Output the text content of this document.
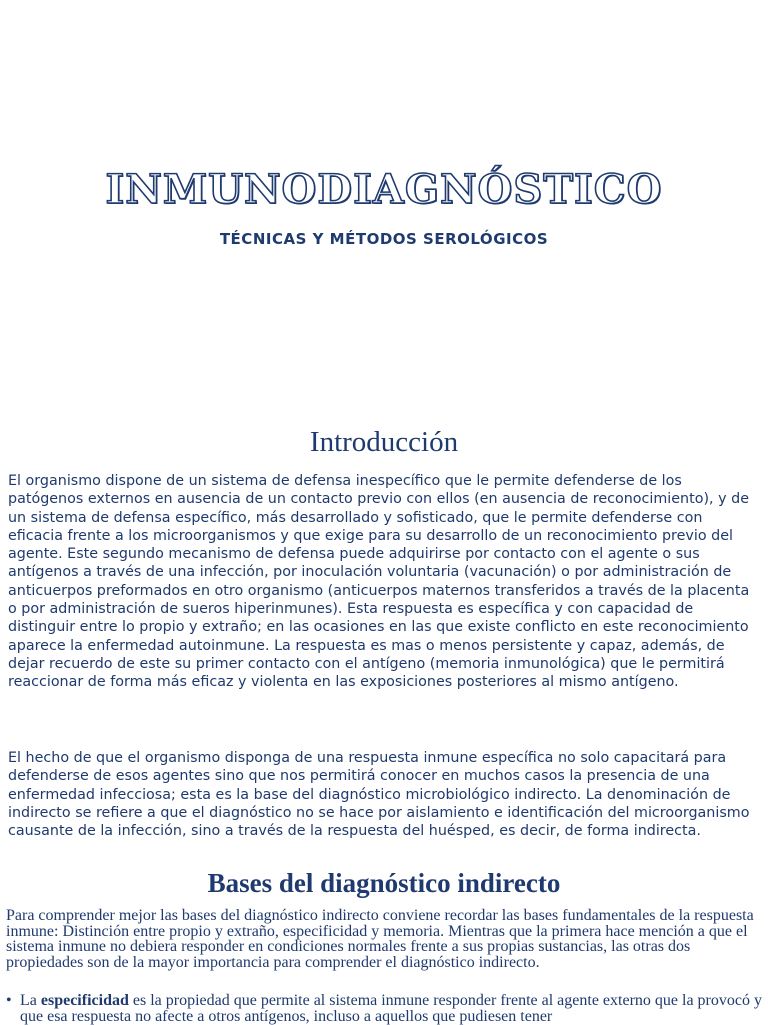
INMUNODIAGNÓSTICO
TÉCNICAS Y MÉTODOS SEROLÓGICOS
Introducción

El organismo dispone de un sistema de defensa inespecífico que le permite defenderse de los patógenos externos en ausencia de un contacto previo con ellos (en ausencia de reconocimiento), y de un sistema de defensa específico, más desarrollado y sofisticado, que le permite defenderse con eficacia frente a los microorganismos y que exige para su desarrollo de un reconocimiento previo del agente. Este segundo mecanismo de defensa puede adquirirse por contacto con el agente o sus antígenos a través de una infección, por inoculación voluntaria (vacunación) o por administración de anticuerpos preformados en otro organismo (anticuerpos maternos transferidos a través de la placenta o por administración de sueros hiperinmunes). Esta respuesta es específica y con capacidad de distinguir entre lo propio y extraño; en las ocasiones en las que existe conflicto en este reconocimiento aparece la enfermedad autoinmune. La respuesta es mas o menos persistente y capaz, además, de dejar recuerdo de este su primer contacto con el antígeno (memoria inmunológica) que le permitirá reaccionar de forma más eficaz y violenta en las exposiciones posteriores al mismo antígeno.

El hecho de que el organismo disponga de una respuesta inmune específica no solo capacitará para defenderse de esos agentes sino que nos permitirá conocer en muchos casos la presencia de una enfermedad infecciosa; esta es la base del diagnóstico microbiológico indirecto. La denominación de indirecto se refiere a que el diagnóstico no se hace por aislamiento e identificación del microorganismo causante de la infección, sino a través de la respuesta del huésped, es decir, de forma indirecta.

Bases del diagnóstico indirecto

Para comprender mejor las bases del diagnóstico indirecto conviene recordar las bases fundamentales de la respuesta inmune: Distinción entre propio y extraño, especificidad y memoria. Mientras que la primera hace mención a que el sistema inmune no debiera responder en condiciones normales frente a sus propias sustancias, las otras dos propiedades son de la mayor importancia para comprender el diagnóstico indirecto.

• La especificidad es la propiedad que permite al sistema inmune responder frente al agente externo que la provocó y que esa respuesta no afecte a otros antígenos, incluso a aquellos que pudiesen tener
